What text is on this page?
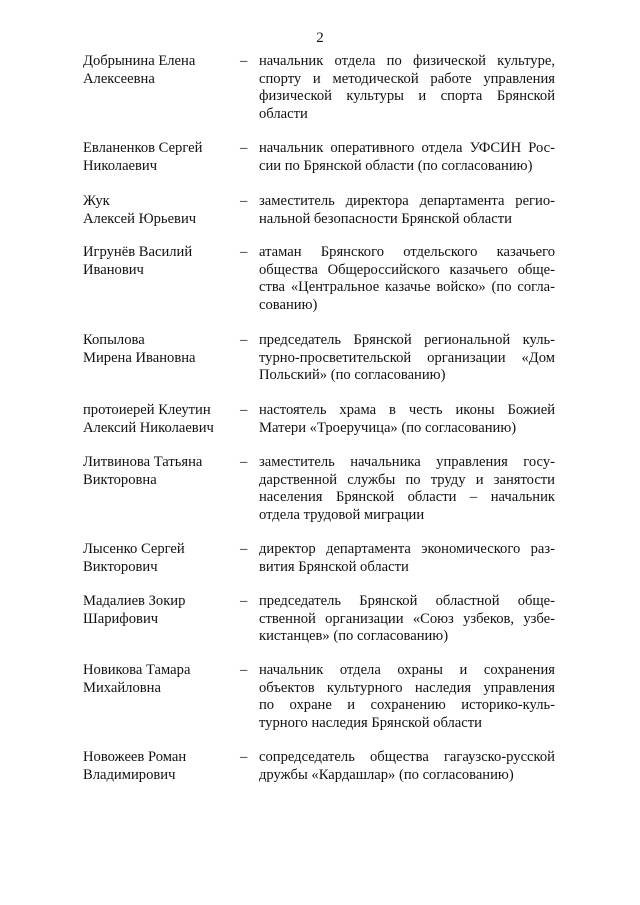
2
Добрынина Елена
Алексеевна
– начальник отдела по физической культуре,
спорту и методической работе управления
физической культуры и спорта Брянской
области
Евланенков Сергей
Николаевич
– начальник оперативного отдела УФСИН Рос-
сии по Брянской области (по согласованию)
Жук
Алексей Юрьевич
– заместитель директора департамента регио-
нальной безопасности Брянской области
Игрунёв Василий
Иванович
– атаман Брянского отдельского казачьего
общества Общероссийского казачьего обще-
ства «Центральное казачье войско» (по согла-
сованию)
Копылова
Мирена Ивановна
– председатель Брянской региональной куль-
турно-просветительской организации «Дом
Польский» (по согласованию)
протоиерей Клеутин
Алексий Николаевич
– настоятель храма в честь иконы Божией
Матери «Троеручица» (по согласованию)
Литвинова Татьяна
Викторовна
– заместитель начальника управления госу-
дарственной службы по труду и занятости
населения Брянской области – начальник
отдела трудовой миграции
Лысенко Сергей
Викторович
– директор департамента экономического раз-
вития Брянской области
Мадалиев Зокир
Шарифович
– председатель Брянской областной обще-
ственной организации «Союз узбеков, узбе-
кистанцев» (по согласованию)
Новикова Тамара
Михайловна
– начальник отдела охраны и сохранения
объектов культурного наследия управления
по охране и сохранению историко-куль-
турного наследия Брянской области
Новожеев Роман
Владимирович
– сопредседатель общества гагаузско-русской
дружбы «Кардашлар» (по согласованию)
